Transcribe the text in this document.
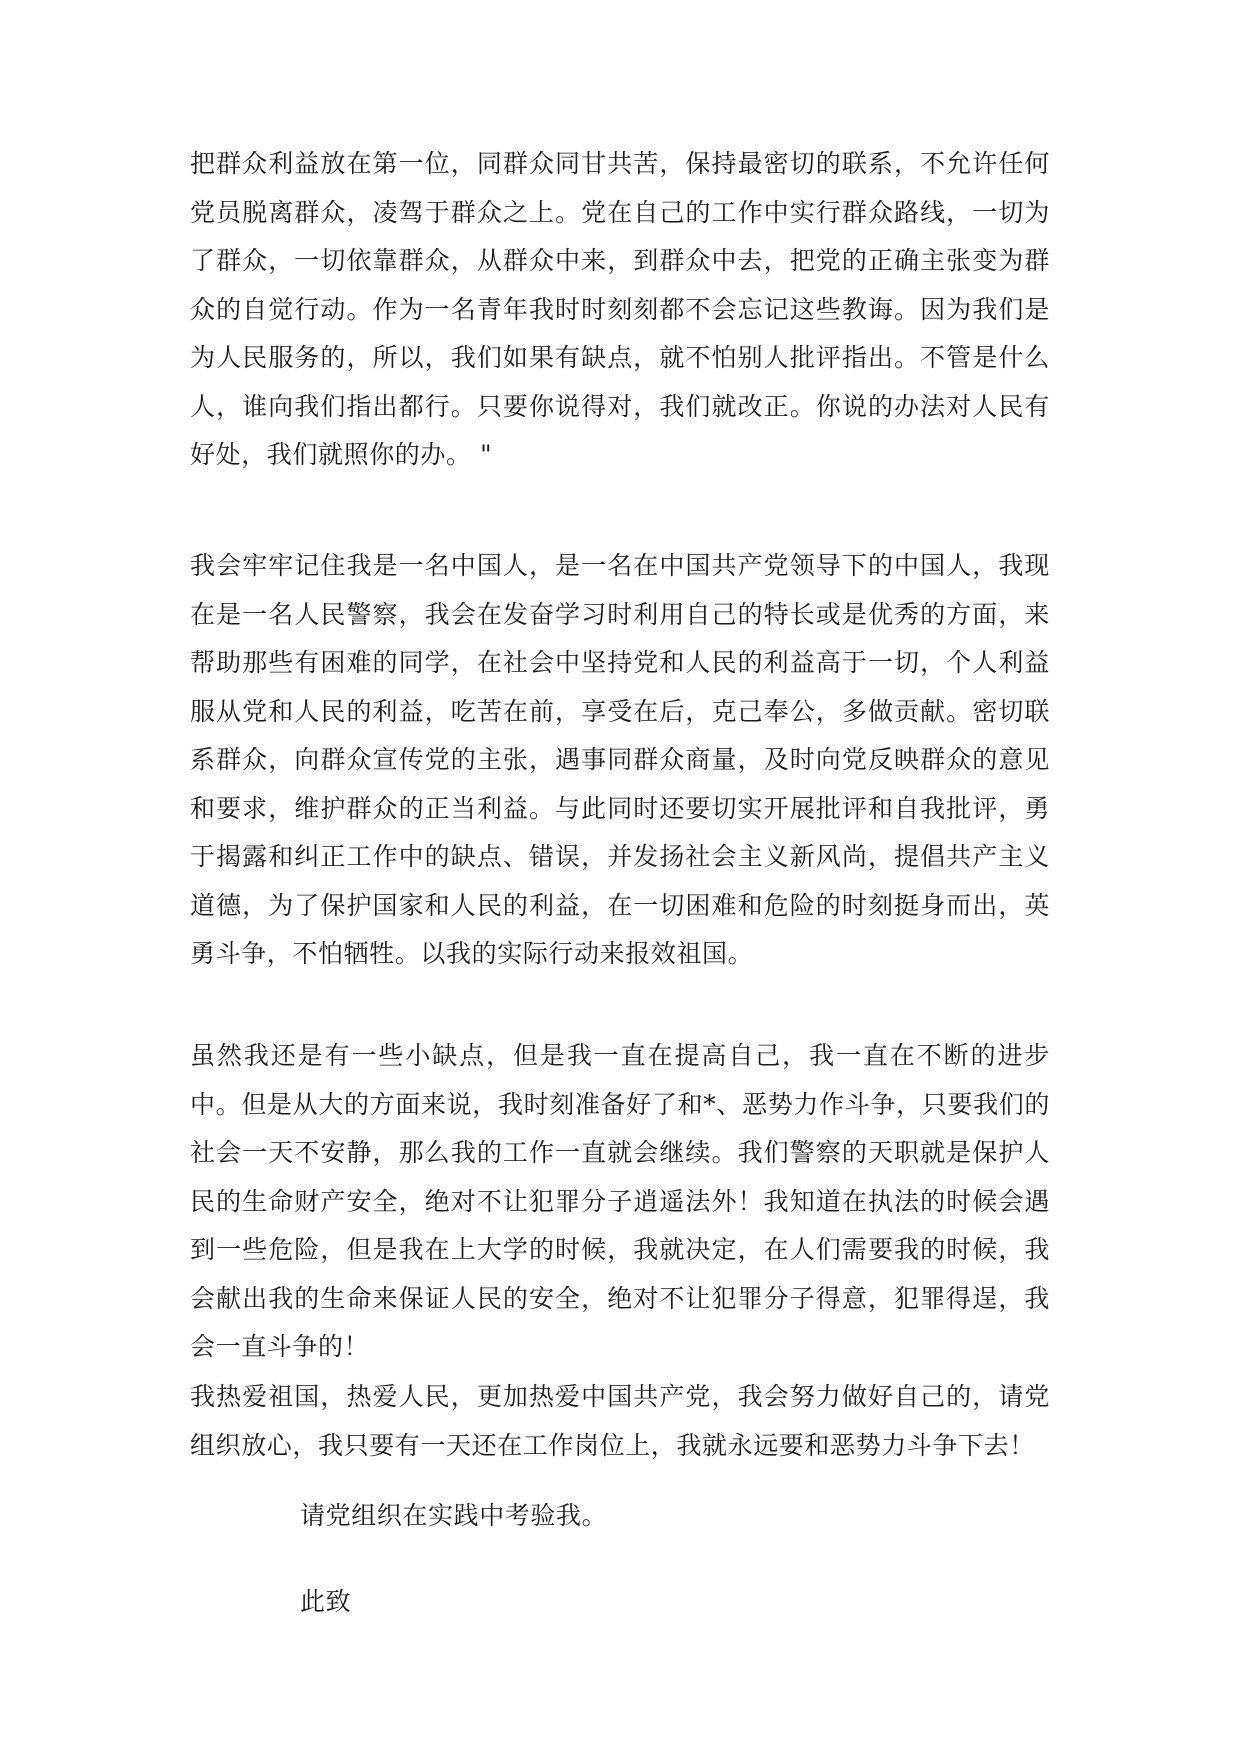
把群众利益放在第一位，同群众同甘共苦，保持最密切的联系，不允许任何党员脱离群众，凌驾于群众之上。党在自己的工作中实行群众路线，一切为了群众，一切依靠群众，从群众中来，到群众中去，把党的正确主张变为群众的自觉行动。作为一名青年我时时刻刻都不会忘记这些教诲。因为我们是为人民服务的，所以，我们如果有缺点，就不怕别人批评指出。不管是什么人，谁向我们指出都行。只要你说得对，我们就改正。你说的办法对人民有好处，我们就照你的办。 "

我会牢牢记住我是一名中国人，是一名在中国共产党领导下的中国人，我现在是一名人民警察，我会在发奋学习时利用自己的特长或是优秀的方面，来帮助那些有困难的同学，在社会中坚持党和人民的利益高于一切，个人利益服从党和人民的利益，吃苦在前，享受在后，克己奉公，多做贡献。密切联系群众，向群众宣传党的主张，遇事同群众商量，及时向党反映群众的意见和要求，维护群众的正当利益。与此同时还要切实开展批评和自我批评，勇于揭露和纠正工作中的缺点、错误，并发扬社会主义新风尚，提倡共产主义道德，为了保护国家和人民的利益，在一切困难和危险的时刻挺身而出，英勇斗争，不怕牺牲。以我的实际行动来报效祖国。

虽然我还是有一些小缺点，但是我一直在提高自己，我一直在不断的进步中。但是从大的方面来说，我时刻准备好了和*、恶势力作斗争，只要我们的社会一天不安静，那么我的工作一直就会继续。我们警察的天职就是保护人民的生命财产安全，绝对不让犯罪分子逍遥法外！我知道在执法的时候会遇到一些危险，但是我在上大学的时候，我就决定，在人们需要我的时候，我会献出我的生命来保证人民的安全，绝对不让犯罪分子得意，犯罪得逞，我会一直斗争的！

我热爱祖国，热爱人民，更加热爱中国共产党，我会努力做好自己的，请党组织放心，我只要有一天还在工作岗位上，我就永远要和恶势力斗争下去！

请党组织在实践中考验我。

此致
